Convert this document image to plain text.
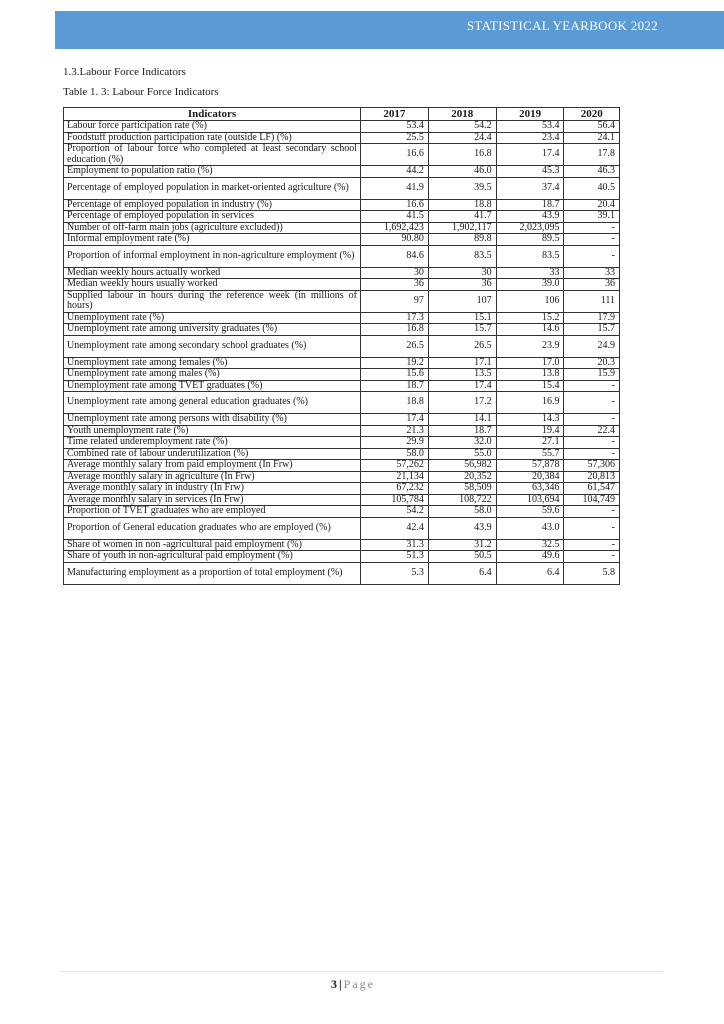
STATISTICAL YEARBOOK 2022
1.3.Labour Force Indicators
Table 1. 3: Labour Force Indicators
Indicators	2017	2018	2019	2020
Labour force participation rate (%)	53.4	54.2	53.4	56.4
Foodstuff production participation rate (outside LF) (%)	25.5	24.4	23.4	24.1
Proportion of labour force who completed at least secondary school education (%)	16.6	16.8	17.4	17.8
Employment to population ratio (%)	44.2	46.0	45.3	46.3
Percentage of employed population in market-oriented agriculture (%)	41.9	39.5	37.4	40.5
Percentage of employed population in industry (%)	16.6	18.8	18.7	20.4
Percentage of employed population in services	41.5	41.7	43.9	39.1
Number of off-farm main jobs (agriculture excluded))	1,692,423	1,902,117	2,023,095	-
Informal employment rate (%)	90.80	89.8	89.5	-
Proportion of informal employment in non-agriculture employment (%)	84.6	83.5	83.5	-
Median weekly hours actually worked	30	30	33	33
Median weekly hours usually worked	36	36	39.0	36
Supplied labour in hours during the reference week (in millions of hours)	97	107	106	111
Unemployment rate (%)	17.3	15.1	15.2	17.9
Unemployment rate among university graduates (%)	16.8	15.7	14.6	15.7
Unemployment rate among secondary school graduates (%)	26.5	26.5	23.9	24.9
Unemployment rate among females (%)	19.2	17.1	17.0	20.3
Unemployment rate among males (%)	15.6	13.5	13.8	15.9
Unemployment rate among TVET graduates (%)	18.7	17.4	15.4	-
Unemployment rate among general education graduates (%)	18.8	17.2	16.9	-
Unemployment rate among persons with disability (%)	17.4	14.1	14.3	-
Youth unemployment rate (%)	21.3	18.7	19.4	22.4
Time related underemployment rate (%)	29.9	32.0	27.1	-
Combined rate of labour underutilization (%)	58.0	55.0	55.7	-
Average monthly salary from paid employment (In Frw)	57,262	56,982	57,878	57,306
Average monthly salary in agriculture (In Frw)	21,134	20,352	20,384	20,813
Average monthly salary in industry (In Frw)	67,232	58,509	63,346	61,547
Average monthly salary in services (In Frw)	105,784	108,722	103,694	104,749
Proportion of TVET graduates who are employed	54.2	58.0	59.6	-
Proportion of General education graduates who are employed (%)	42.4	43.9	43.0	-
Share of women in non -agricultural paid employment (%)	31.3	31.2	32.5	-
Share of youth in non-agricultural paid employment (%)	51.3	50.5	49.6	-
Manufacturing employment as a proportion of total employment (%)	5.3	6.4	6.4	5.8
3 | Page
